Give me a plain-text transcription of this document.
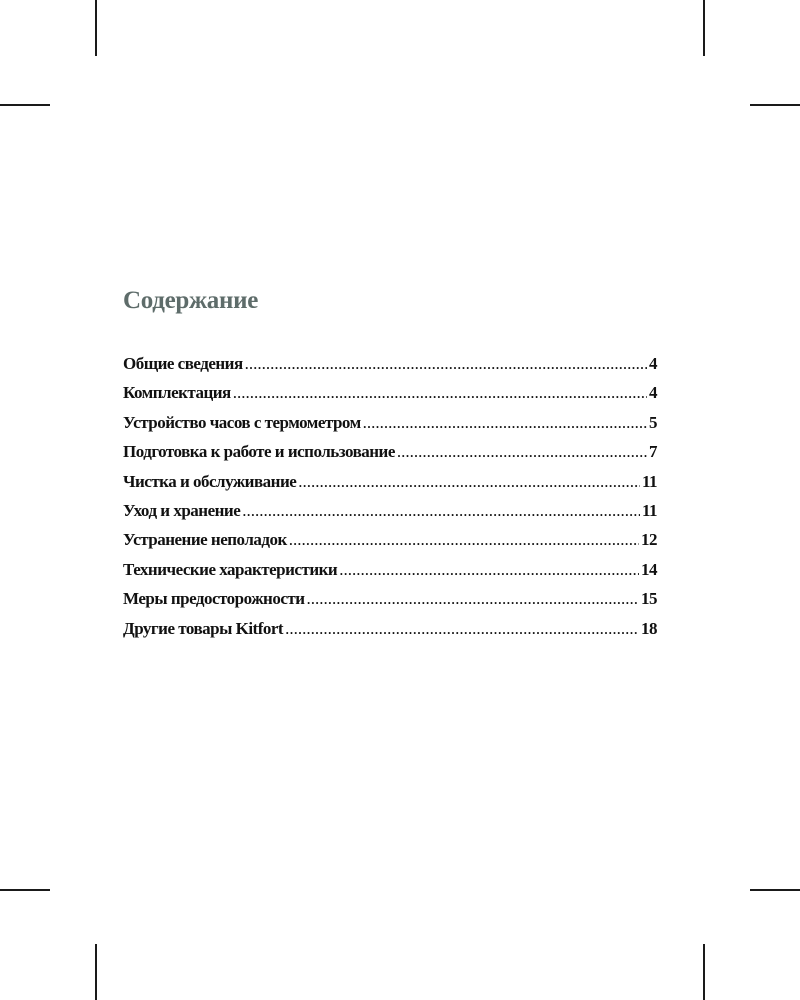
Содержание
Общие сведения .....	4
Комплектация .....	4
Устройство часов с термометром .....	5
Подготовка к работе и использование .....	7
Чистка и обслуживание .....	11
Уход и хранение .....	11
Устранение неполадок .....	12
Технические характеристики .....	14
Меры предосторожности .....	15
Другие товары Kitfort .....	18
